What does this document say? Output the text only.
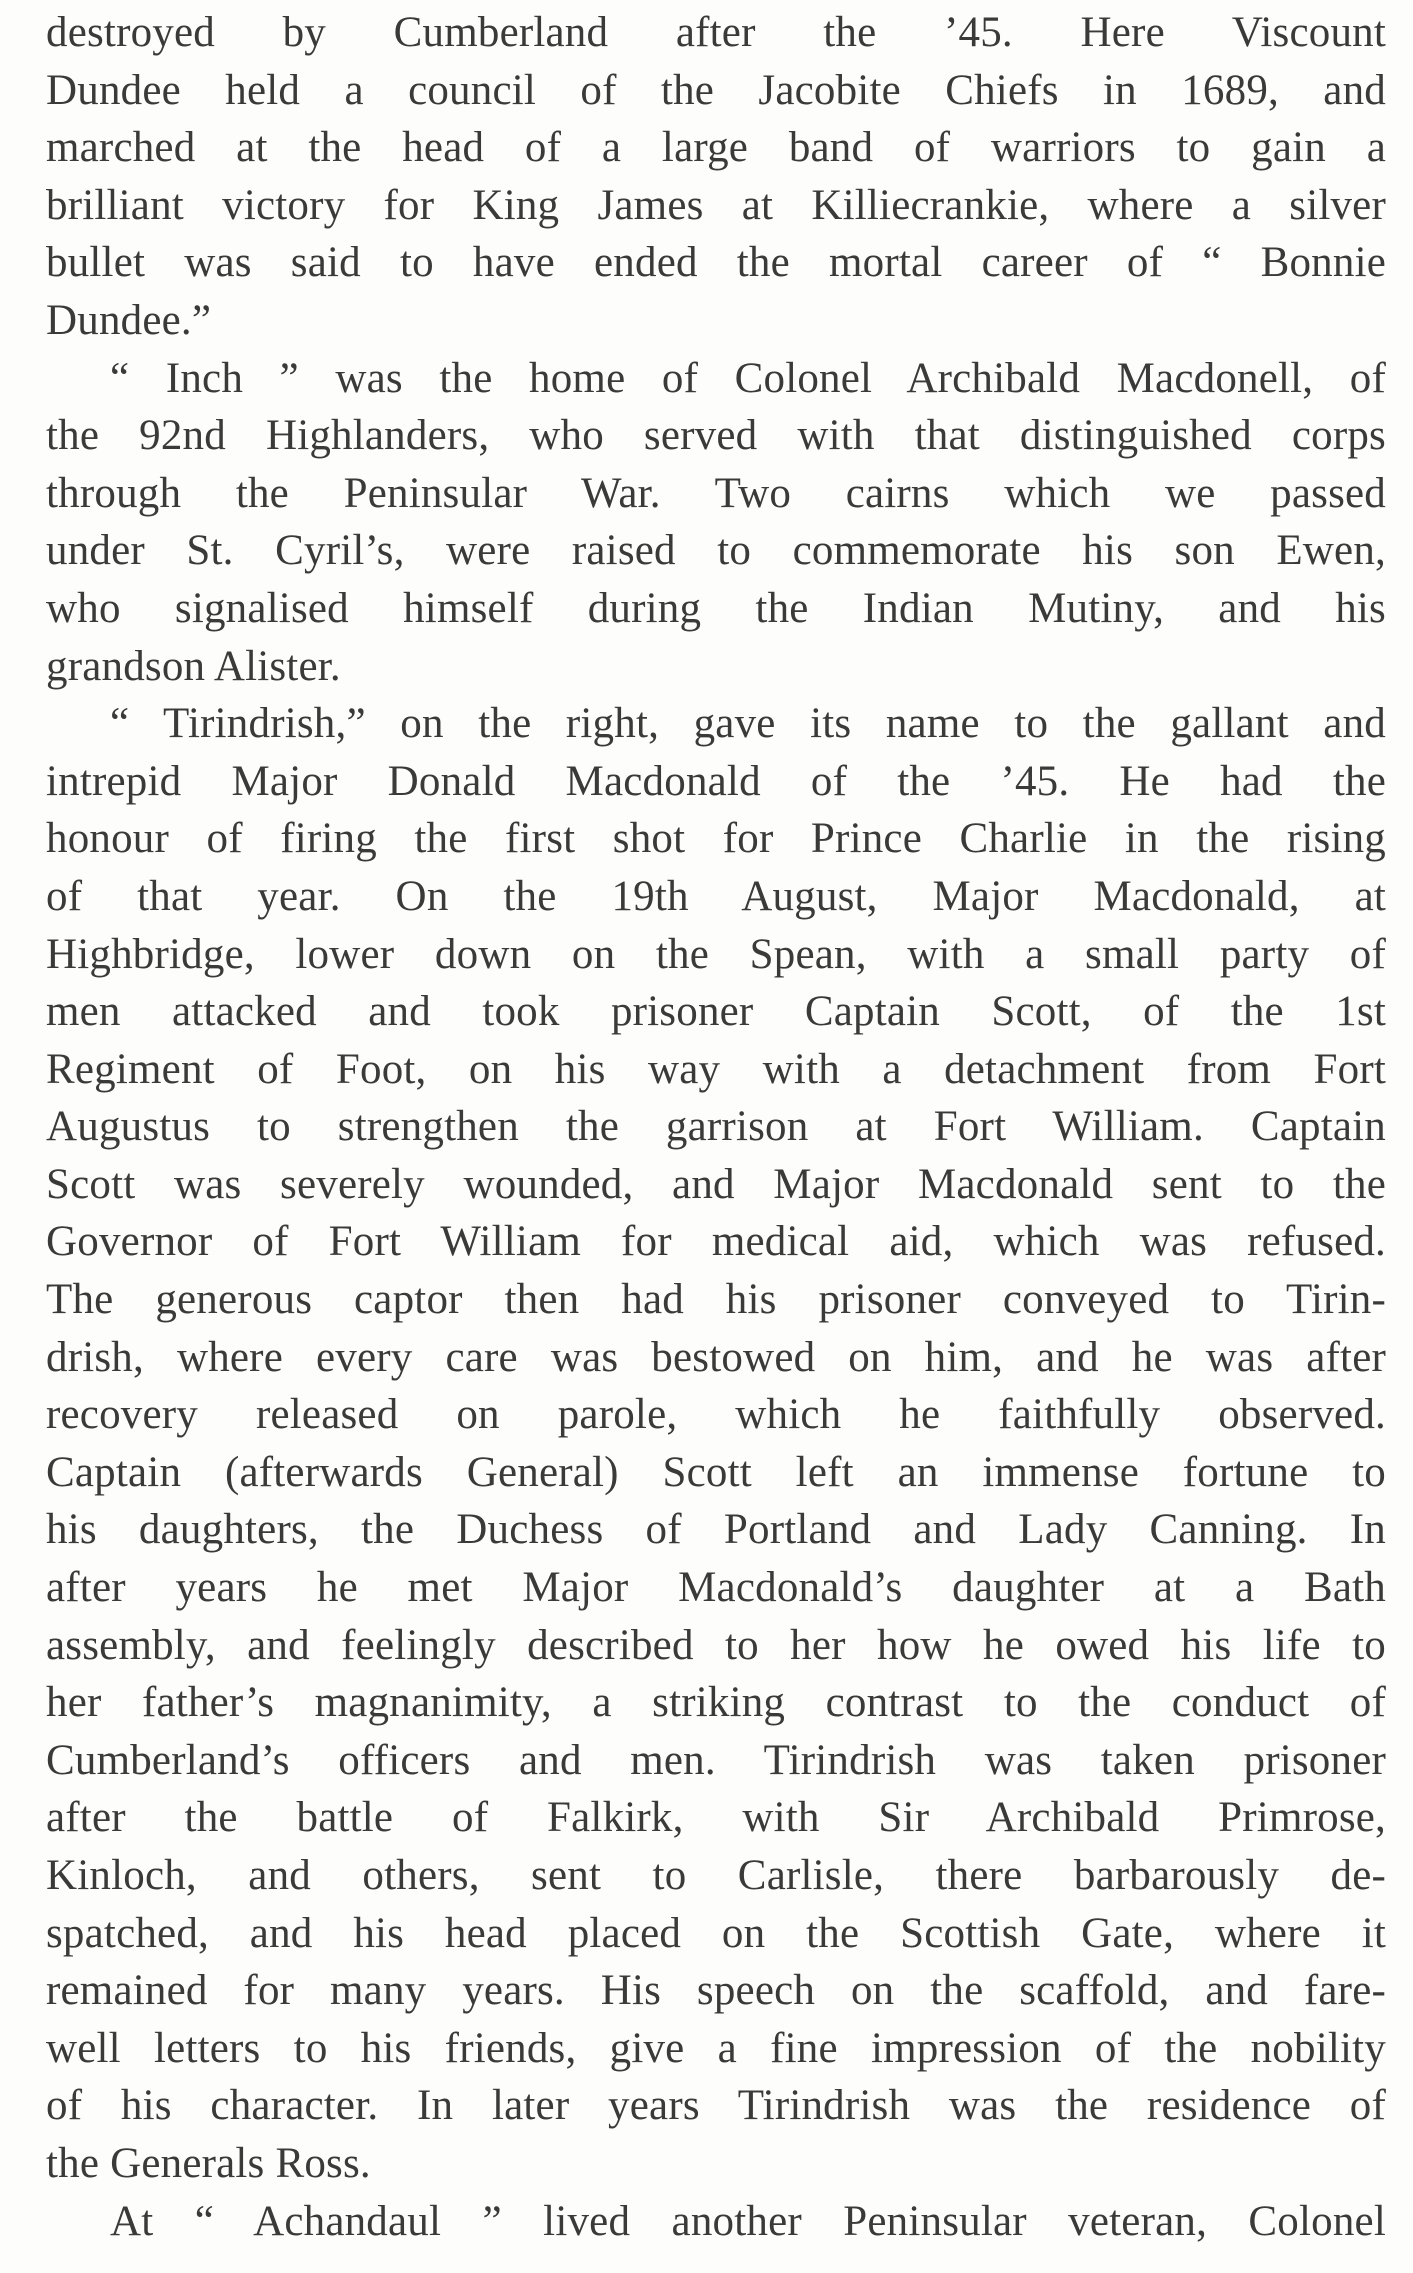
destroyed by Cumberland after the ’45. Here Viscount
Dundee held a council of the Jacobite Chiefs in 1689, and
marched at the head of a large band of warriors to gain a
brilliant victory for King James at Killiecrankie, where a silver
bullet was said to have ended the mortal career of “ Bonnie
Dundee.”
“ Inch ” was the home of Colonel Archibald Macdonell, of
the 92nd Highlanders, who served with that distinguished corps
through the Peninsular War. Two cairns which we passed
under St. Cyril’s, were raised to commemorate his son Ewen,
who signalised himself during the Indian Mutiny, and his
grandson Alister.
“ Tirindrish,” on the right, gave its name to the gallant and
intrepid Major Donald Macdonald of the ’45. He had the
honour of firing the first shot for Prince Charlie in the rising
of that year. On the 19th August, Major Macdonald, at
Highbridge, lower down on the Spean, with a small party of
men attacked and took prisoner Captain Scott, of the 1st
Regiment of Foot, on his way with a detachment from Fort
Augustus to strengthen the garrison at Fort William. Captain
Scott was severely wounded, and Major Macdonald sent to the
Governor of Fort William for medical aid, which was refused.
The generous captor then had his prisoner conveyed to Tirin-
drish, where every care was bestowed on him, and he was after
recovery released on parole, which he faithfully observed.
Captain (afterwards General) Scott left an immense fortune to
his daughters, the Duchess of Portland and Lady Canning. In
after years he met Major Macdonald’s daughter at a Bath
assembly, and feelingly described to her how he owed his life to
her father’s magnanimity, a striking contrast to the conduct of
Cumberland’s officers and men. Tirindrish was taken prisoner
after the battle of Falkirk, with Sir Archibald Primrose,
Kinloch, and others, sent to Carlisle, there barbarously de-
spatched, and his head placed on the Scottish Gate, where it
remained for many years. His speech on the scaffold, and fare-
well letters to his friends, give a fine impression of the nobility
of his character. In later years Tirindrish was the residence of
the Generals Ross.
At “ Achandaul ” lived another Peninsular veteran, Colonel
